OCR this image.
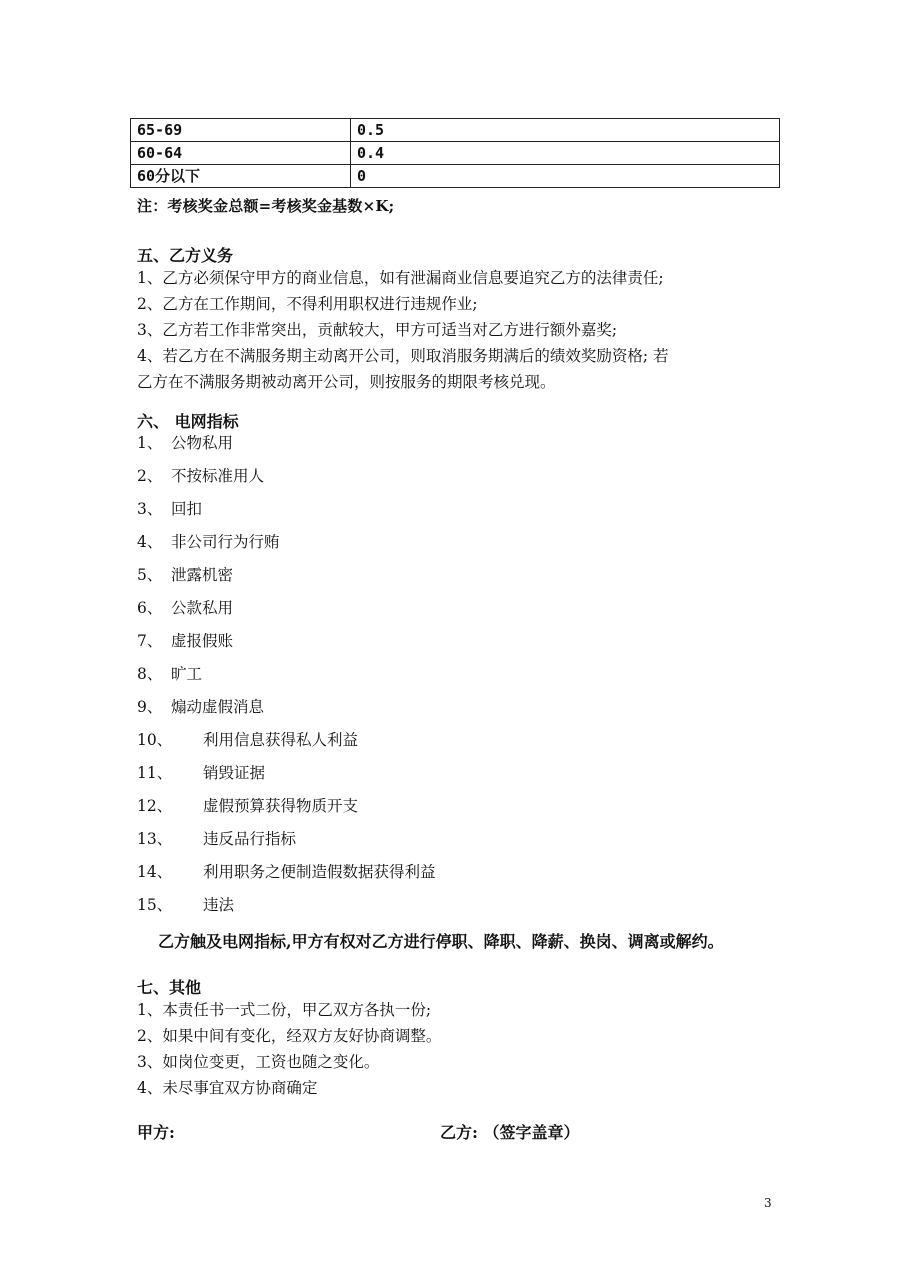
65-69	0.5
60-64	0.4
60分以下	0
注：考核奖金总额=考核奖金基数×K;
五、乙方义务
1、乙方必须保守甲方的商业信息，如有泄漏商业信息要追究乙方的法律责任;
2、乙方在工作期间，不得利用职权进行违规作业;
3、乙方若工作非常突出，贡献较大，甲方可适当对乙方进行额外嘉奖;
4、若乙方在不满服务期主动离开公司，则取消服务期满后的绩效奖励资格; 若
乙方在不满服务期被动离开公司，则按服务的期限考核兑现。
六、 电网指标
1、 公物私用
2、 不按标准用人
3、 回扣
4、 非公司行为行贿
5、 泄露机密
6、 公款私用
7、 虚报假账
8、 旷工
9、 煽动虚假消息
10、 利用信息获得私人利益
11、 销毁证据
12、 虚假预算获得物质开支
13、 违反品行指标
14、 利用职务之便制造假数据获得利益
15、 违法
乙方触及电网指标,甲方有权对乙方进行停职、降职、降薪、换岗、调离或解约。
七、其他
1、本责任书一式二份，甲乙双方各执一份;
2、如果中间有变化，经双方友好协商调整。
3、如岗位变更，工资也随之变化。
4、未尽事宜双方协商确定
甲方:	乙方: （签字盖章）
3
